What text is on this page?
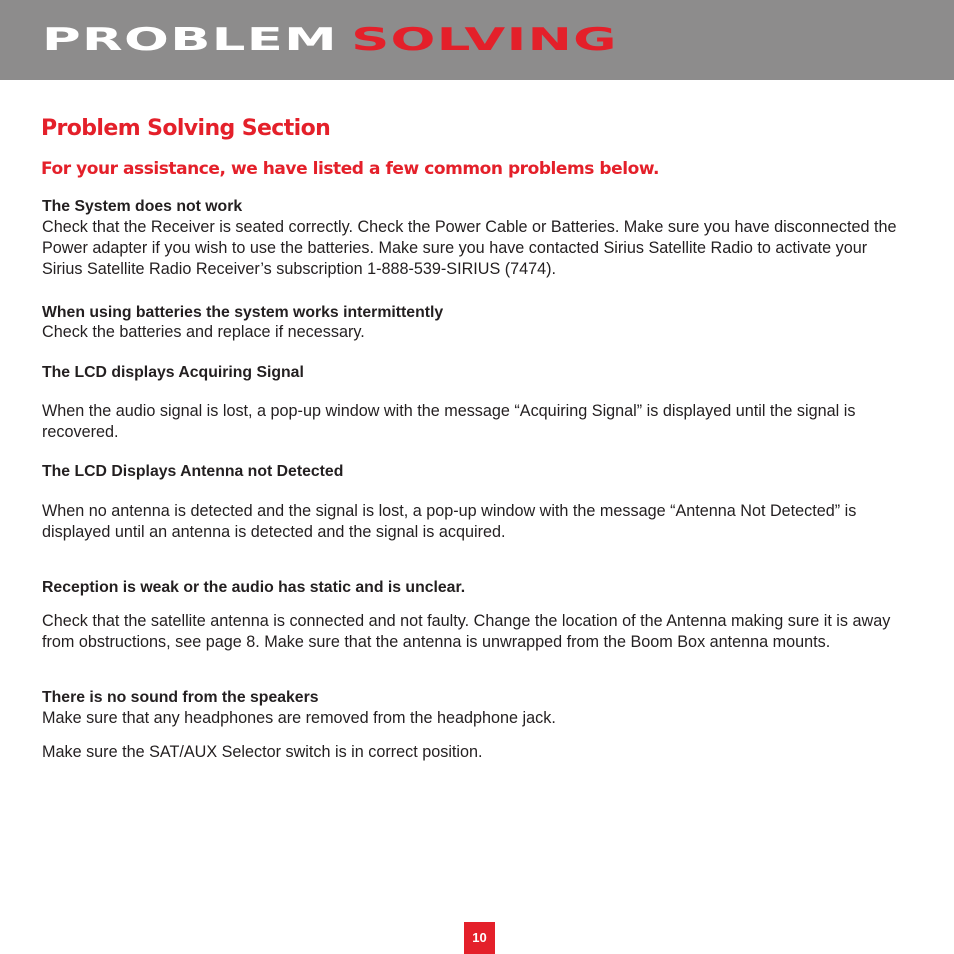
PROBLEM SOLVING
Problem Solving Section
For your assistance, we have listed a few common problems below.
The System does not work

Check that the Receiver is seated correctly. Check the Power Cable or Batteries. Make sure you have disconnected the Power adapter if you wish to use the batteries. Make sure you have contacted Sirius Satellite Radio to activate your Sirius Satellite Radio Receiver’s subscription 1-888-539-SIRIUS (7474).

When using batteries the system works intermittently

Check the batteries and replace if necessary.

The LCD displays Acquiring Signal

When the audio signal is lost, a pop-up window with the message “Acquiring Signal” is displayed until the signal is recovered.

The LCD Displays Antenna not Detected

When no antenna is detected and the signal is lost, a pop-up window with the message “Antenna Not Detected” is displayed until an antenna is detected and the signal is acquired.

Reception is weak or the audio has static and is unclear.

Check that the satellite antenna is connected and not faulty. Change the location of the Antenna making sure it is away from obstructions, see page 8. Make sure that the antenna is unwrapped from the Boom Box antenna mounts.

There is no sound from the speakers

Make sure that any headphones are removed from the headphone jack.

Make sure the SAT/AUX Selector switch is in correct position.

10
